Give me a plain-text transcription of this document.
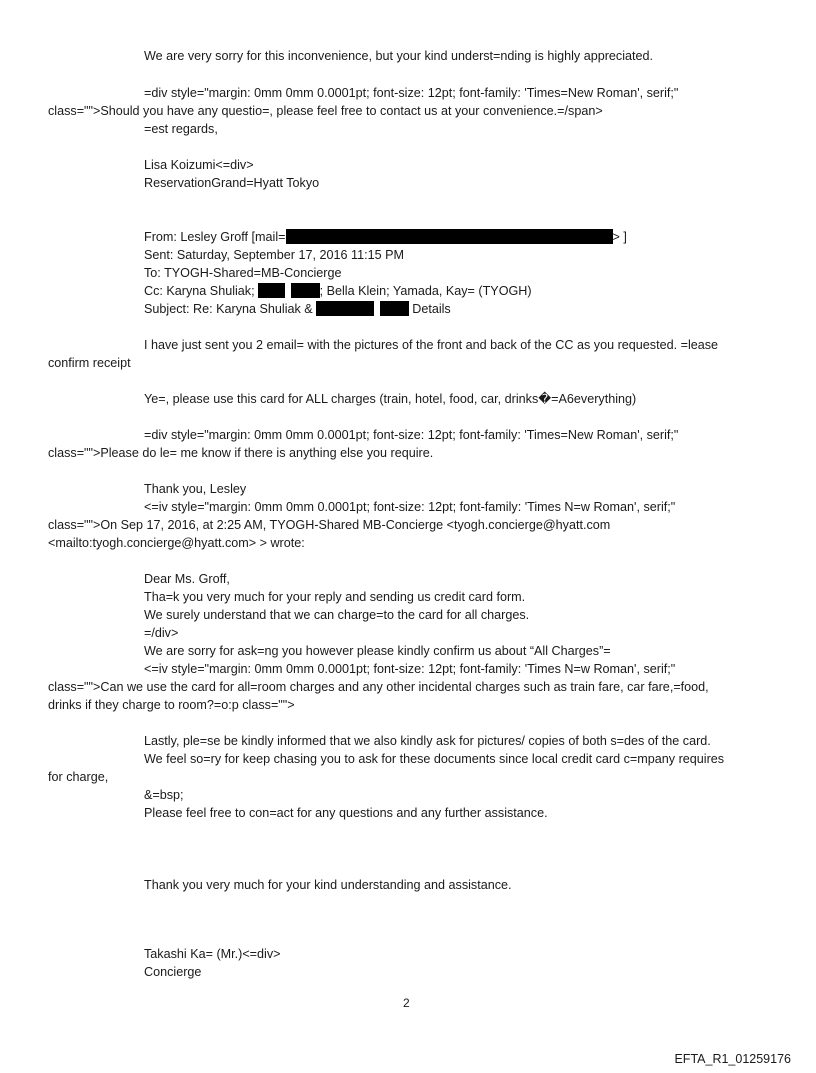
We are very sorry for this inconvenience, but your kind underst=nding is highly appreciated.
=div style="margin: 0mm 0mm 0.0001pt; font-size: 12pt; font-family: 'Times=New Roman', serif;"
class="">Should you have any questio=, please feel free to contact us at your convenience.=/span>
=est regards,
Lisa Koizumi<=div>
ReservationGrand=Hyatt Tokyo
From: Lesley Groff [mail=	> ]
Sent: Saturday, September 17, 2016 11:15 PM
To: TYOGH-Shared=MB-Concierge
Cc: Karyna Shuliak;	; Bella Klein; Yamada, Kay= (TYOGH)
Subject: Re: Karyna Shuliak &	Details
I have just sent you 2 email= with the pictures of the front and back of the CC as you requested. =lease
confirm receipt
Ye=, please use this card for ALL charges (train, hotel, food, car, drinks�=A6everything)
=div style="margin: 0mm 0mm 0.0001pt; font-size: 12pt; font-family: 'Times=New Roman', serif;"
class="">Please do le= me know if there is anything else you require.
Thank you, Lesley
<=iv style="margin: 0mm 0mm 0.0001pt; font-size: 12pt; font-family: 'Times N=w Roman', serif;"
class="">On Sep 17, 2016, at 2:25 AM, TYOGH-Shared MB-Concierge <tyogh.concierge@hyatt.com
<mailto:tyogh.concierge@hyatt.com> > wrote:
Dear Ms. Groff,
Tha=k you very much for your reply and sending us credit card form.
We surely understand that we can charge=to the card for all charges.
=/div>
We are sorry for ask=ng you however please kindly confirm us about “All Charges”=
<=iv style="margin: 0mm 0mm 0.0001pt; font-size: 12pt; font-family: 'Times N=w Roman', serif;"
class="">Can we use the card for all=room charges and any other incidental charges such as train fare, car fare,=food,
drinks if they charge to room?=o:p class="">
Lastly, ple=se be kindly informed that we also kindly ask for pictures/ copies of both s=des of the card.
We feel so=ry for keep chasing you to ask for these documents since local credit card c=mpany requires
for charge,
&=bsp;
Please feel free to con=act for any questions and any further assistance.
Thank you very much for your kind understanding and assistance.
Takashi Ka= (Mr.)<=div>
Concierge
2
EFTA_R1_01259176
